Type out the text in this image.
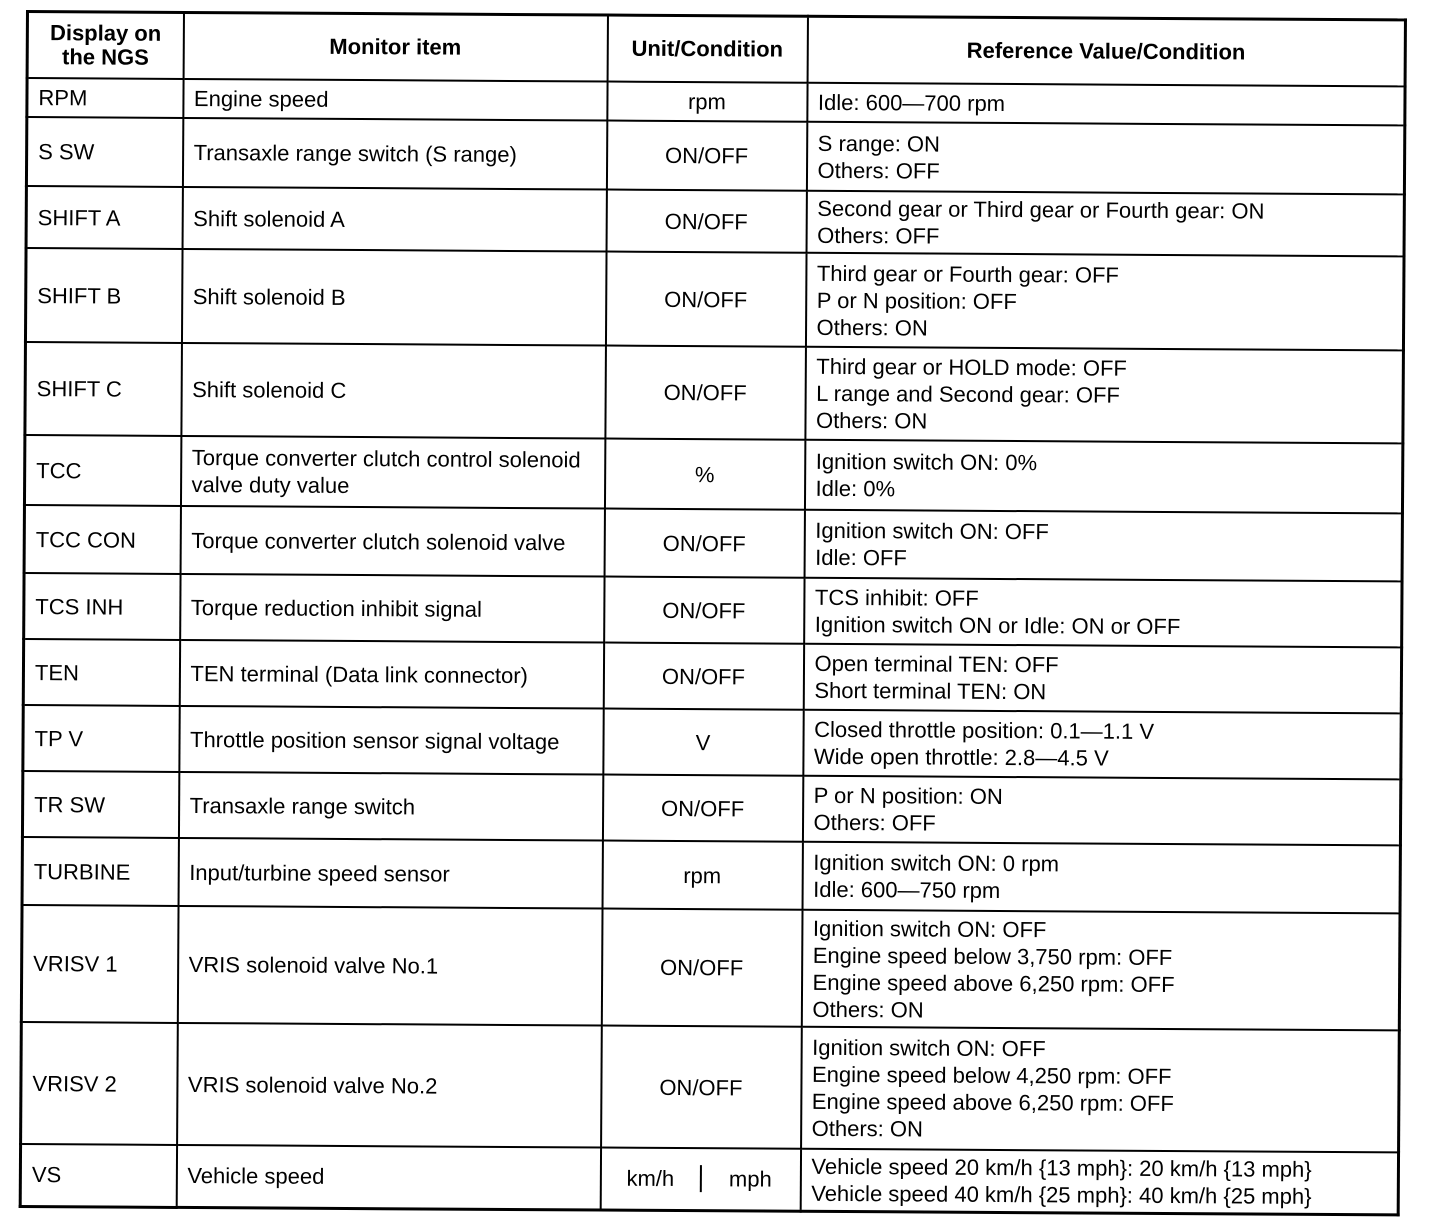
Display on the NGS	Monitor item	Unit/Condition	Reference Value/Condition
RPM	Engine speed	rpm	Idle: 600—700 rpm

S SW	Transaxle range switch (S range)	ON/OFF	S range: ON
Others: OFF

SHIFT A	Shift solenoid A	ON/OFF	Second gear or Third gear or Fourth gear: ON
Others: OFF

SHIFT B	Shift solenoid B	ON/OFF	Third gear or Fourth gear: OFF
P or N position: OFF
Others: ON

SHIFT C	Shift solenoid C	ON/OFF	Third gear or HOLD mode: OFF
L range and Second gear: OFF
Others: ON

TCC	Torque converter clutch control solenoid valve duty value	%	Ignition switch ON: 0%
Idle: 0%

TCC CON	Torque converter clutch solenoid valve	ON/OFF	Ignition switch ON: OFF
Idle: OFF

TCS INH	Torque reduction inhibit signal	ON/OFF	TCS inhibit: OFF
Ignition switch ON or Idle: ON or OFF

TEN	TEN terminal (Data link connector)	ON/OFF	Open terminal TEN: OFF
Short terminal TEN: ON

TP V	Throttle position sensor signal voltage	V	Closed throttle position: 0.1—1.1 V
Wide open throttle: 2.8—4.5 V

TR SW	Transaxle range switch	ON/OFF	P or N position: ON
Others: OFF

TURBINE	Input/turbine speed sensor	rpm	Ignition switch ON: 0 rpm
Idle: 600—750 rpm

VRISV 1	VRIS solenoid valve No.1	ON/OFF	Ignition switch ON: OFF
Engine speed below 3,750 rpm: OFF
Engine speed above 6,250 rpm: OFF
Others: ON

VRISV 2	VRIS solenoid valve No.2	ON/OFF	Ignition switch ON: OFF
Engine speed below 4,250 rpm: OFF
Engine speed above 6,250 rpm: OFF
Others: ON

VS	Vehicle speed	km/h mph	Vehicle speed 20 km/h {13 mph}: 20 km/h {13 mph}
Vehicle speed 40 km/h {25 mph}: 40 km/h {25 mph}
